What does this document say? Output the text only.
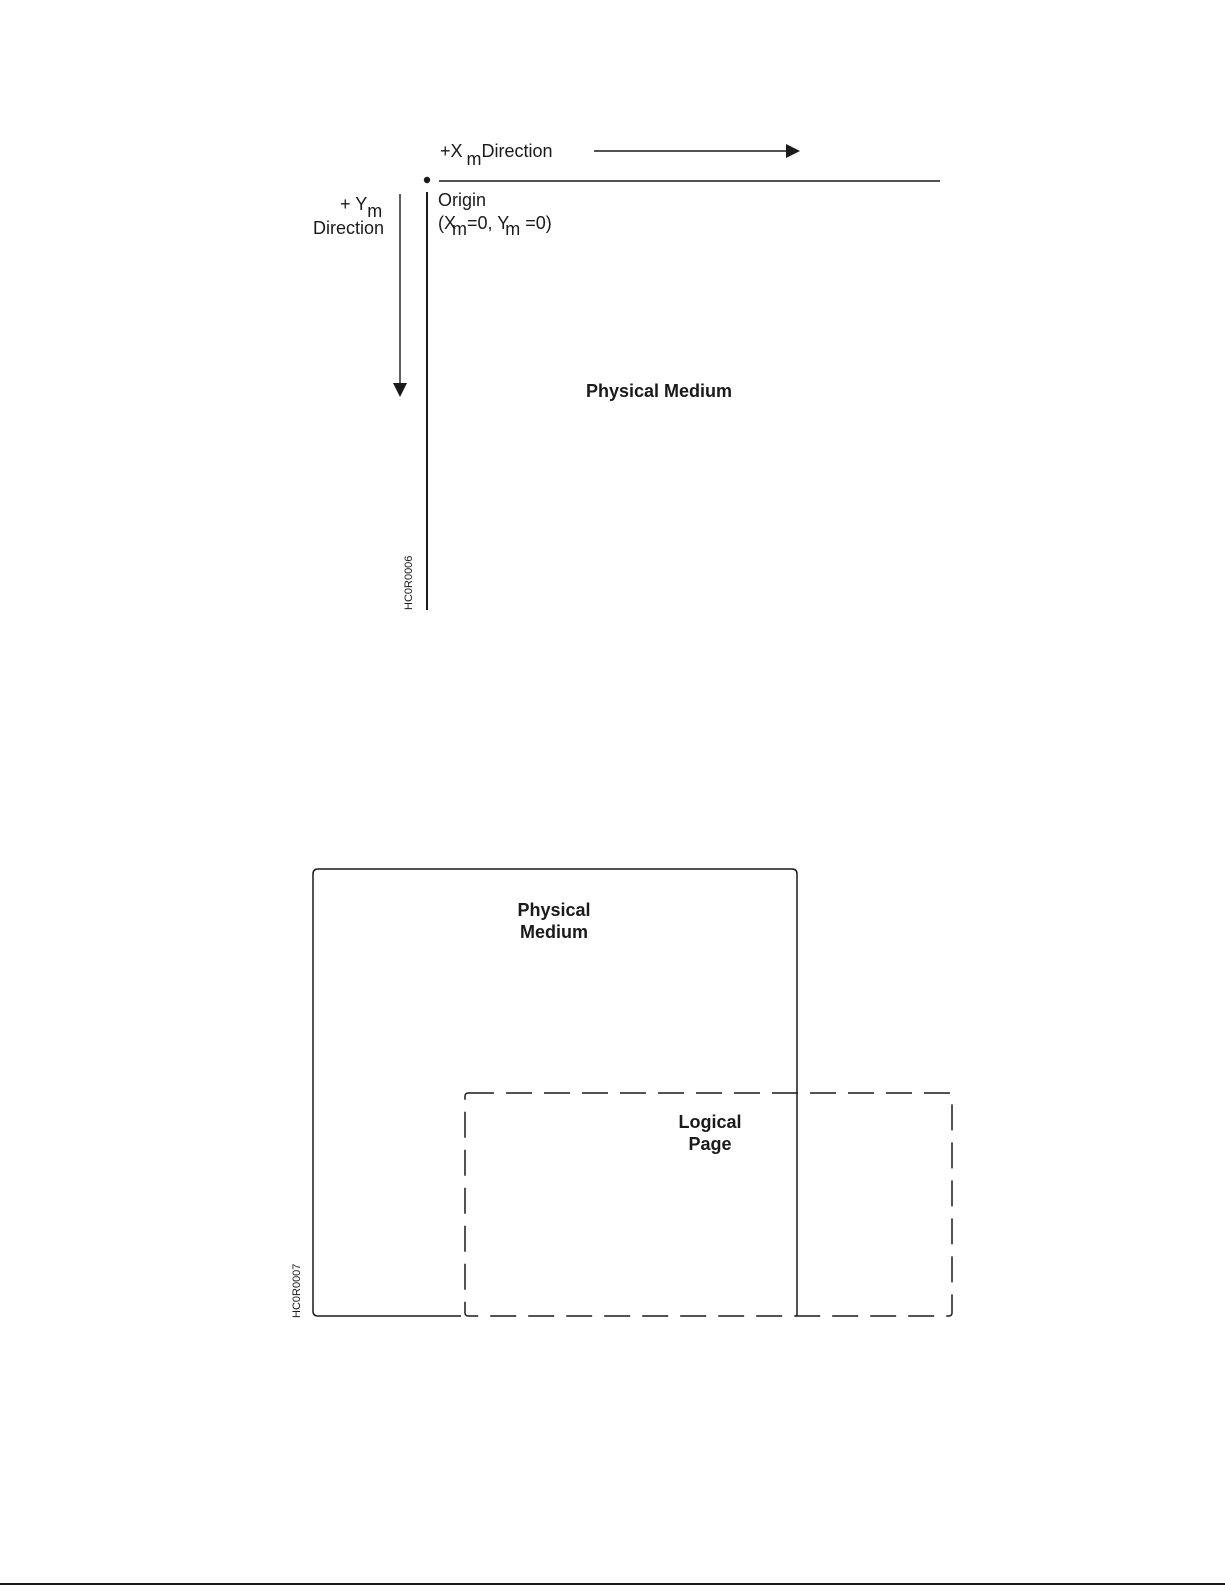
+X mDirection
+ Ym
Direction
Origin
(Xm=0, Ym =0)
Physical Medium
HC0R0006
Physical
Medium
Logical
Page
HC0R0007
